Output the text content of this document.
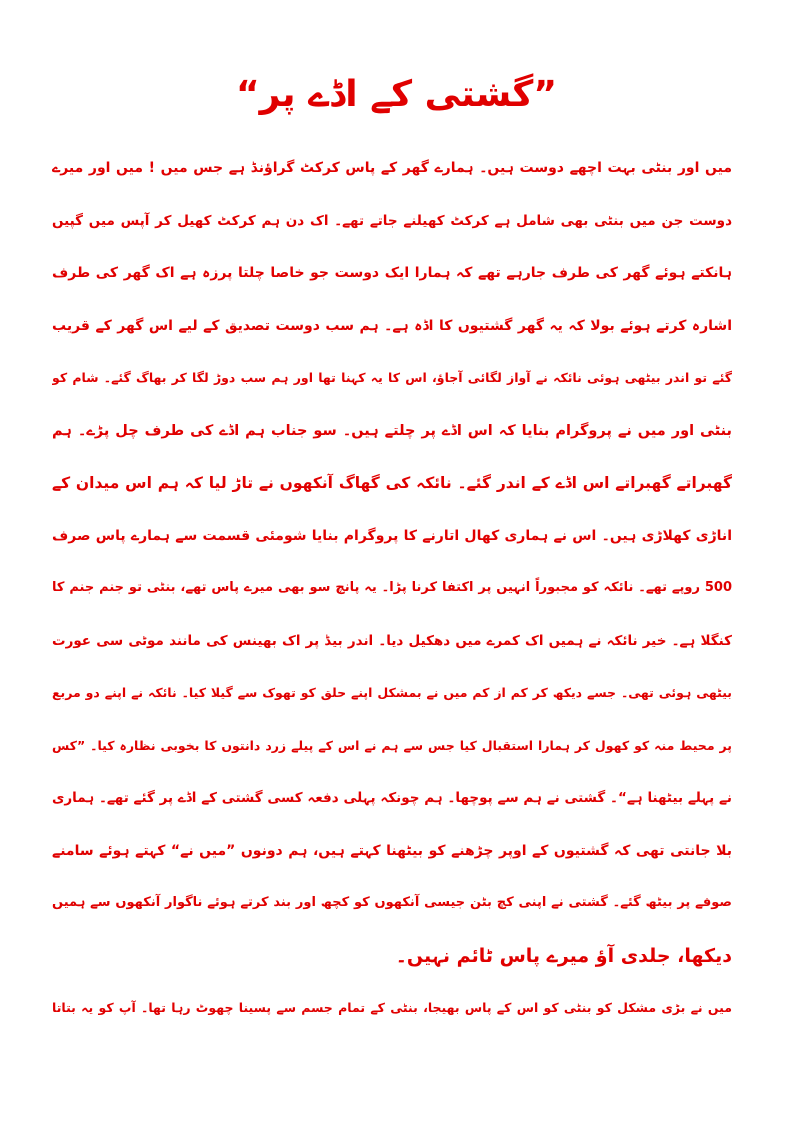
”گشتی کے اڈے پر“
میں اور بنٹی بہت اچھے دوست ہیں۔ ہمارے گھر کے پاس کرکٹ گراؤنڈ ہے جس میں ! میں اور میرے
دوست جن میں بنٹی بھی شامل ہے کرکٹ کھیلنے جاتے تھے۔ اک دن ہم کرکٹ کھیل کر آپس میں گپیں
ہانکتے ہوئے گھر کی طرف جارہے تھے کہ ہمارا ایک دوست جو خاصا چلتا پرزہ ہے اک گھر کی طرف
اشارہ کرتے ہوئے بولا کہ یہ گھر گشتیوں کا اڈہ ہے۔ ہم سب دوست تصدیق کے لیے اس گھر کے قریب
گئے تو اندر بیٹھی ہوئی نائکہ نے آواز لگائی آجاؤ، اس کا یہ کہنا تھا اور ہم سب دوڑ لگا کر بھاگ گئے۔ شام کو
بنٹی اور میں نے پروگرام بنایا کہ اس اڈے پر چلتے ہیں۔ سو جناب ہم اڈے کی طرف چل پڑے۔ ہم
گھبراتے گھبراتے اس اڈے کے اندر گئے۔ نائکہ کی گھاگ آنکھوں نے تاڑ لیا کہ ہم اس میدان کے
اناڑی کھلاڑی ہیں۔ اس نے ہماری کھال اتارنے کا پروگرام بنایا شومئی قسمت سے ہمارے پاس صرف
500 روپے تھے۔ نائکہ کو مجبوراً انہیں پر اکتفا کرنا پڑا۔ یہ پانچ سو بھی میرے پاس تھے، بنٹی تو جنم جنم کا
کنگلا ہے۔ خیر نائکہ نے ہمیں اک کمرے میں دھکیل دیا۔ اندر بیڈ پر اک بھینس کی مانند موٹی سی عورت
بیٹھی ہوئی تھی۔ جسے دیکھ کر کم از کم میں نے بمشکل اپنے حلق کو تھوک سے گیلا کیا۔ نائکہ نے اپنے دو مربع
پر محیط منہ کو کھول کر ہمارا استقبال کیا جس سے ہم نے اس کے پیلے زرد دانتوں کا بخوبی نظارہ کیا۔ ”کس
نے پہلے بیٹھنا ہے“۔ گشتی نے ہم سے پوچھا۔ ہم چونکہ پہلی دفعہ کسی گشتی کے اڈے پر گئے تھے۔ ہماری
بلا جانتی تھی کہ گشتیوں کے اوپر چڑھنے کو بیٹھنا کہتے ہیں، ہم دونوں ”میں نے“ کہتے ہوئے سامنے
صوفے پر بیٹھ گئے۔ گشتی نے اپنی کچ بٹن جیسی آنکھوں کو کچھ اور بند کرتے ہوئے ناگوار آنکھوں سے ہمیں
دیکھا، جلدی آؤ میرے پاس ٹائم نہیں۔
میں نے بڑی مشکل کو بنٹی کو اس کے پاس بھیجا، بنٹی کے تمام جسم سے پسینا چھوٹ رہا تھا۔ آپ کو یہ بتاتا
